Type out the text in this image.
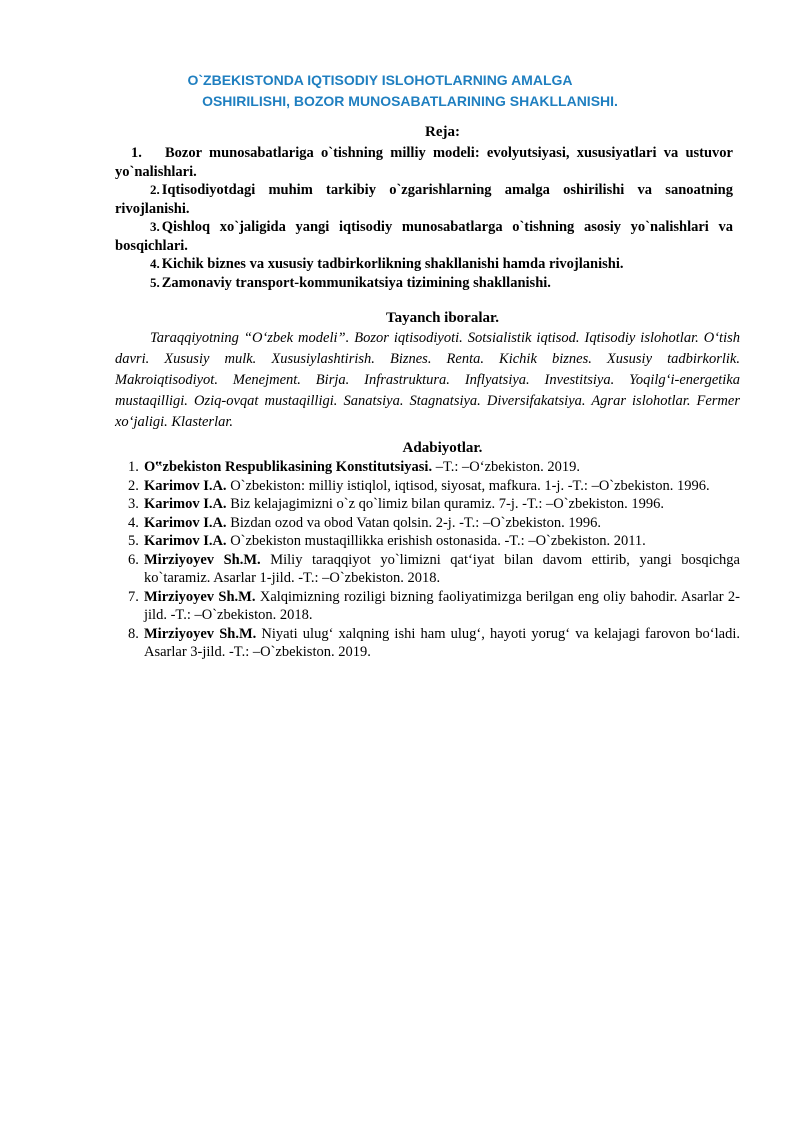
O`ZBEKISTONDA IQTISODIY ISLOHOTLARNING AMALGA
OSHIRILISHI, BOZOR MUNOSABATLARINING SHAKLLANISHI.
Reja:

1. Bozor munosabatlariga o`tishning milliy modeli: evolyutsiyasi, xususiyatlari va ustuvor yo`nalishlari.

2. Iqtisodiyotdagi muhim tarkibiy o`zgarishlarning amalga oshirilishi va sanoatning rivojlanishi.

3. Qishloq xo`jaligida yangi iqtisodiy munosabatlarga o`tishning asosiy yo`nalishlari va bosqichlari.

4. Kichik biznes va xususiy tadbirkorlikning shakllanishi hamda rivojlanishi.

5. Zamonaviy transport-kommunikatsiya tizimining shakllanishi.

Tayanch iboralar.
Taraqqiyotning “O‘zbek modeli”. Bozor iqtisodiyoti. Sotsialistik iqtisod. Iqtisodiy islohotlar. O‘tish davri. Xususiy mulk. Xususiylashtirish. Biznes. Renta. Kichik biznes. Xususiy tadbirkorlik. Makroiqtisodiyot. Menejment. Birja. Infrastruktura. Inflyatsiya. Investitsiya. Yoqilg‘i-energetika mustaqilligi. Oziq-ovqat mustaqilligi. Sanatsiya. Stagnatsiya. Diversifakatsiya. Agrar islohotlar. Fermer xo‘jaligi. Klasterlar.
Adabiyotlar.
1. O‟zbekiston Respublikasining Konstitutsiyasi. –T.: –O‘zbekiston. 2019.
2. Karimov I.A. O`zbekiston: milliy istiqlol, iqtisod, siyosat, mafkura. 1-j. -T.: –O`zbekiston. 1996.
3. Karimov I.A. Biz kelajagimizni o`z qo`limiz bilan quramiz. 7-j. -T.: –O`zbekiston. 1996.
4. Karimov I.A. Bizdan ozod va obod Vatan qolsin. 2-j. -T.: –O`zbekiston. 1996.
5. Karimov I.A. O`zbekiston mustaqillikka erishish ostonasida. -T.: –O`zbekiston. 2011.
6. Mirziyoyev Sh.M. Miliy taraqqiyot yo`limizni qat‘iyat bilan davom ettirib, yangi bosqichga ko`taramiz. Asarlar 1-jild. -T.: –O`zbekiston. 2018.
7. Mirziyoyev Sh.M. Xalqimizning roziligi bizning faoliyatimizga berilgan eng oliy bahodir. Asarlar 2-jild. -T.: –O`zbekiston. 2018.
8. Mirziyoyev Sh.M. Niyati ulug‘ xalqning ishi ham ulug‘, hayoti yorug‘ va kelajagi farovon bo‘ladi. Asarlar 3-jild. -T.: –O`zbekiston. 2019.
